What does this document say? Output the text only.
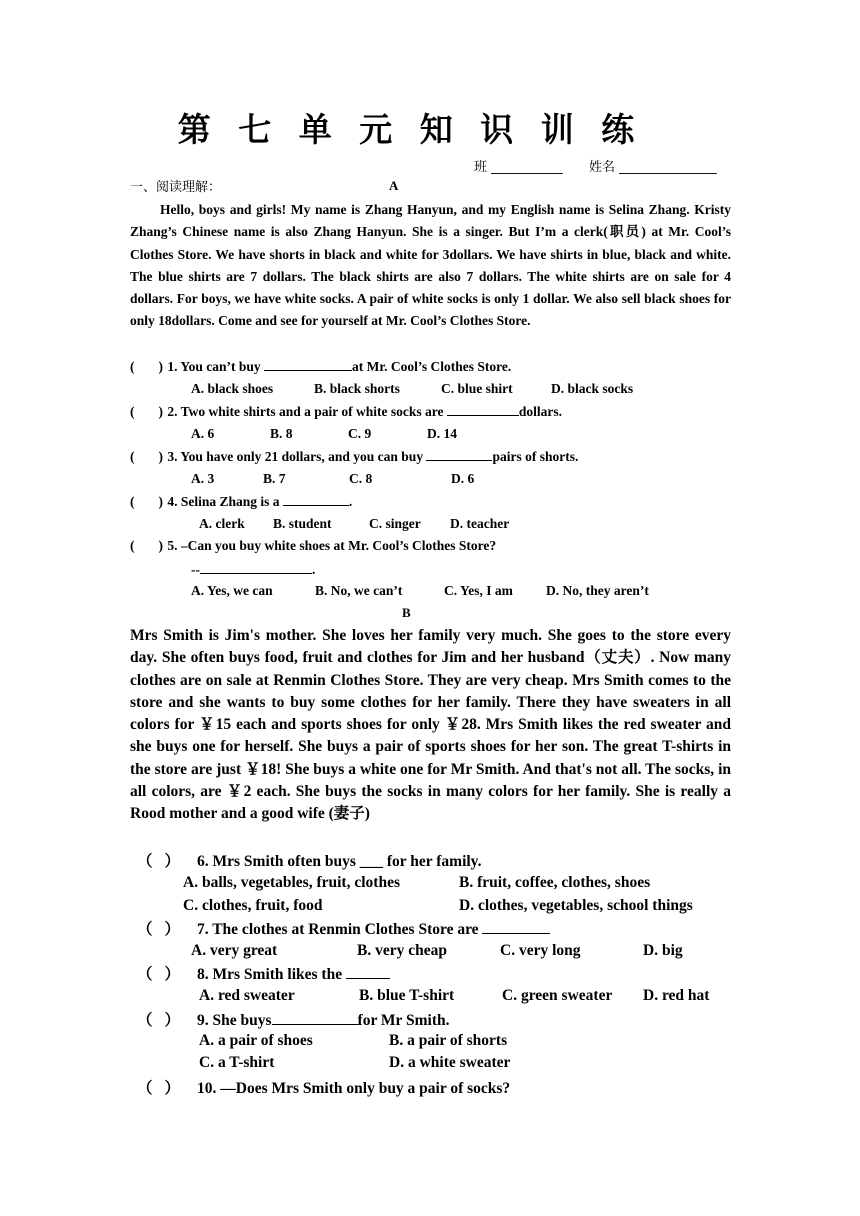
第 七 单 元 知 识 训 练
班 ___________ 姓名 _______________
一、阅读理解：	A
Hello, boys and girls! My name is Zhang Hanyun, and my English name is Selina Zhang. Kristy Zhang’s Chinese name is also Zhang Hanyun. She is a singer. But I’m a clerk(职员) at Mr. Cool’s Clothes Store. We have shorts in black and white for 3dollars. We have shirts in blue, black and white. The blue shirts are 7 dollars. The black shirts are also 7 dollars. The white shirts are on sale for 4 dollars. For boys, we have white socks. A pair of white socks is only 1 dollar. We also sell black shoes for only 18dollars. Come and see for yourself at Mr. Cool’s Clothes Store.
( ) 1. You can’t buy	at Mr. Cool’s Clothes Store.
A. black shoes	B. black shorts	C. blue shirt	D. black socks
( ) 2. Two white shirts and a pair of white socks are	dollars.
A. 6	B. 8	C. 9	D. 14
( ) 3. You have only 21 dollars, and you can buy	pairs of shorts.
A. 3	B. 7	C. 8	D. 6
( ) 4. Selina Zhang is a	.
A. clerk B. student	C. singer D. teacher
( ) 5. –Can you buy white shoes at Mr. Cool’s Clothes Store?
--	.
A. Yes, we can	B. No, we can’t	C. Yes, I am D. No, they aren’t
B
Mrs Smith is Jim's mother. She loves her family very much. She goes to the store every day. She often buys food, fruit and clothes for Jim and her husband（丈夫）. Now many clothes are on sale at Renmin Clothes Store. They are very cheap. Mrs Smith comes to the store and she wants to buy some clothes for her family. There they have sweaters in all colors for ￥15 each and sports shoes for only ￥28. Mrs Smith likes the red sweater and she buys one for herself. She buys a pair of sports shoes for her son. The great T-shirts in the store are just ￥18! She buys a white one for Mr Smith. And that's not all. The socks, in all colors, are ￥2 each. She buys the socks in many colors for her family. She is really a Rood mother and a good wife (妻子)
（ ） 6. Mrs Smith often buys ___ for her family.
A. balls, vegetables, fruit, clothes	B. fruit, coffee, clothes, shoes
C. clothes, fruit, food	D. clothes, vegetables, school things
（ ） 7. The clothes at Renmin Clothes Store are
A. very great	B. very cheap	C. very long	D. big
（ ） 8. Mrs Smith likes the
A. red sweater	B. blue T-shirt	C. green sweater D. red hat
（ ） 9. She buys	for Mr Smith.
A. a pair of shoes	B. a pair of shorts
C. a T-shirt	D. a white sweater
（ ） 10. —Does Mrs Smith only buy a pair of socks?
